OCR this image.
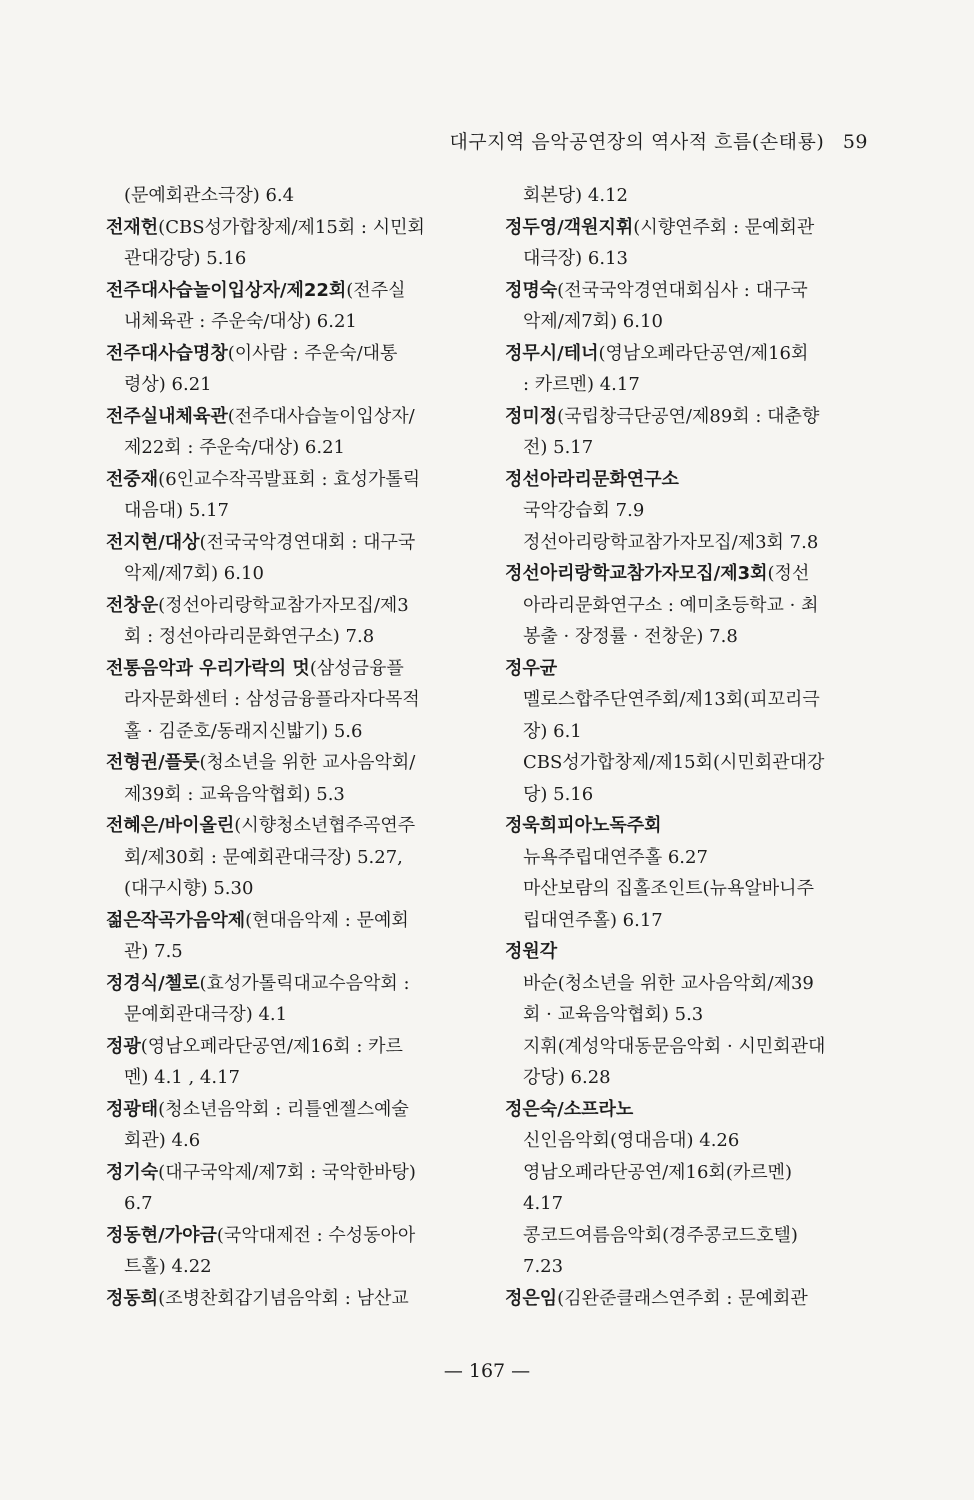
대구지역 음악공연장의 역사적 흐름(손태룡) 59
(문예회관소극장) 6.4
전재헌(CBS성가합창제/제15회 : 시민회
관대강당) 5.16
전주대사습놀이입상자/제22회(전주실
내체육관 : 주운숙/대상) 6.21
전주대사습명창(이사람 : 주운숙/대통
령상) 6.21
전주실내체육관(전주대사습놀이입상자/
제22회 : 주운숙/대상) 6.21
전중재(6인교수작곡발표회 : 효성가톨릭
대음대) 5.17
전지현/대상(전국국악경연대회 : 대구국
악제/제7회) 6.10
전창운(정선아리랑학교참가자모집/제3
회 : 정선아라리문화연구소) 7.8
전통음악과 우리가락의 멋(삼성금융플
라자문화센터 : 삼성금융플라자다목적
홀 · 김준호/동래지신밟기) 5.6
전형권/플룻(청소년을 위한 교사음악회/
제39회 : 교육음악협회) 5.3
전혜은/바이올린(시향청소년협주곡연주
회/제30회 : 문예회관대극장) 5.27,
(대구시향) 5.30
젊은작곡가음악제(현대음악제 : 문예회
관) 7.5
정경식/첼로(효성가톨릭대교수음악회 :
문예회관대극장) 4.1
정광(영남오페라단공연/제16회 : 카르
멘) 4.1 , 4.17
정광태(청소년음악회 : 리틀엔젤스예술
회관) 4.6
정기숙(대구국악제/제7회 : 국악한바탕)
6.7
정동현/가야금(국악대제전 : 수성동아아
트홀) 4.22
정동희(조병찬회갑기념음악회 : 남산교
회본당) 4.12
정두영/객원지휘(시향연주회 : 문예회관
대극장) 6.13
정명숙(전국국악경연대회심사 : 대구국
악제/제7회) 6.10
정무시/테너(영남오페라단공연/제16회
: 카르멘) 4.17
정미정(국립창극단공연/제89회 : 대춘향
전) 5.17
정선아라리문화연구소
국악강습회 7.9
정선아리랑학교참가자모집/제3회 7.8
정선아리랑학교참가자모집/제3회(정선
아라리문화연구소 : 예미초등학교 · 최
봉출 · 장정률 · 전창운) 7.8
정우균
멜로스합주단연주회/제13회(피꼬리극
장) 6.1
CBS성가합창제/제15회(시민회관대강
당) 5.16
정욱희피아노독주회
뉴욕주립대연주홀 6.27
마산보람의 집홀조인트(뉴욕알바니주
립대연주홀) 6.17
정원각
바순(청소년을 위한 교사음악회/제39
회 · 교육음악협회) 5.3
지휘(계성악대동문음악회 · 시민회관대
강당) 6.28
정은숙/소프라노
신인음악회(영대음대) 4.26
영남오페라단공연/제16회(카르멘)
4.17
콩코드여름음악회(경주콩코드호텔)
7.23
정은임(김완준클래스연주회 : 문예회관
— 167 —
